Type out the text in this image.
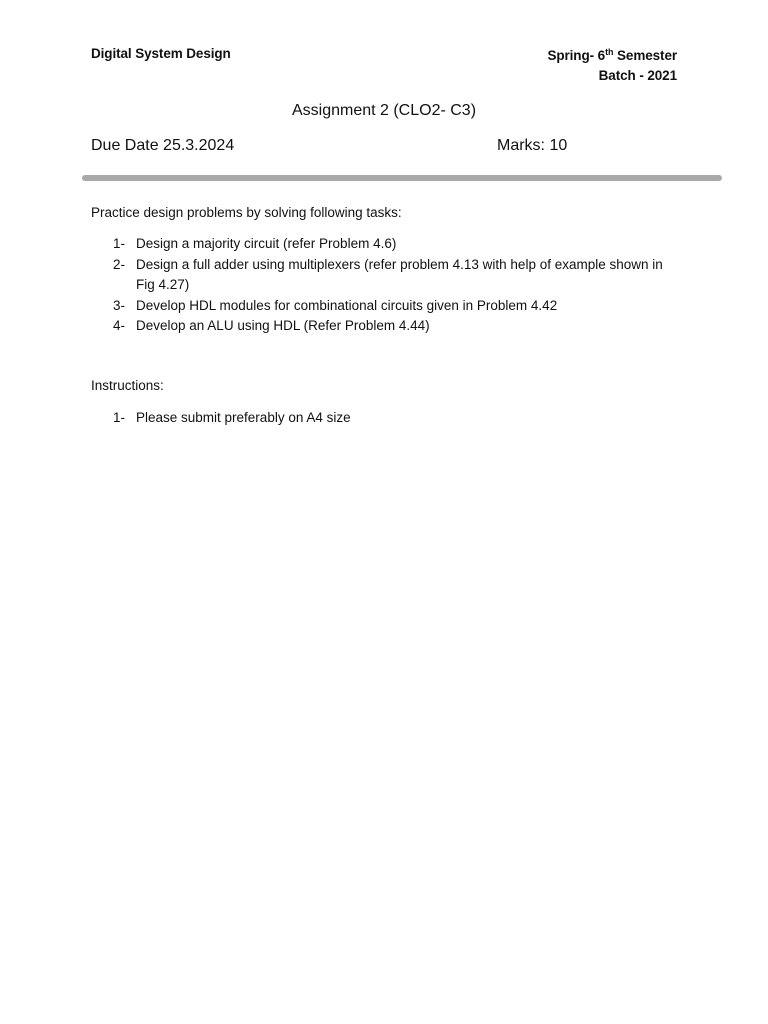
Digital System Design	Spring- 6th Semester
Batch - 2021
Assignment 2 (CLO2- C3)
Due Date 25.3.2024	Marks: 10
Practice design problems by solving following tasks:
1- Design a majority circuit (refer Problem 4.6)
2- Design a full adder using multiplexers (refer problem 4.13 with help of example shown in Fig 4.27)
3- Develop HDL modules for combinational circuits given in Problem 4.42
4- Develop an ALU using HDL (Refer Problem 4.44)
Instructions:
1- Please submit preferably on A4 size
